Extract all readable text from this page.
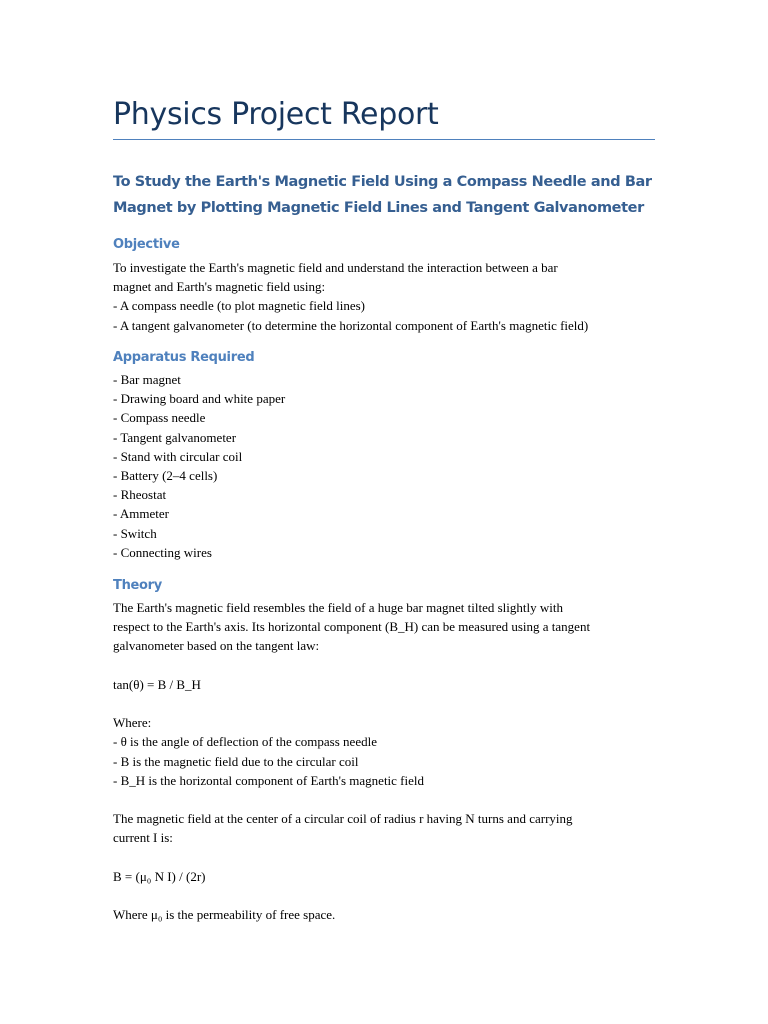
Physics Project Report
To Study the Earth's Magnetic Field Using a Compass Needle and Bar
Magnet by Plotting Magnetic Field Lines and Tangent Galvanometer
Objective
To investigate the Earth's magnetic field and understand the interaction between a bar
magnet and Earth's magnetic field using:
- A compass needle (to plot magnetic field lines)
- A tangent galvanometer (to determine the horizontal component of Earth's magnetic field)
Apparatus Required
- Bar magnet
- Drawing board and white paper
- Compass needle
- Tangent galvanometer
- Stand with circular coil
- Battery (2–4 cells)
- Rheostat
- Ammeter
- Switch
- Connecting wires
Theory
The Earth's magnetic field resembles the field of a huge bar magnet tilted slightly with
respect to the Earth's axis. Its horizontal component (B_H) can be measured using a tangent
galvanometer based on the tangent law:
tan(θ) = B / B_H
Where:
- θ is the angle of deflection of the compass needle
- B is the magnetic field due to the circular coil
- B_H is the horizontal component of Earth's magnetic field
The magnetic field at the center of a circular coil of radius r having N turns and carrying
current I is:
B = (μ₀ N I) / (2r)
Where μ₀ is the permeability of free space.
